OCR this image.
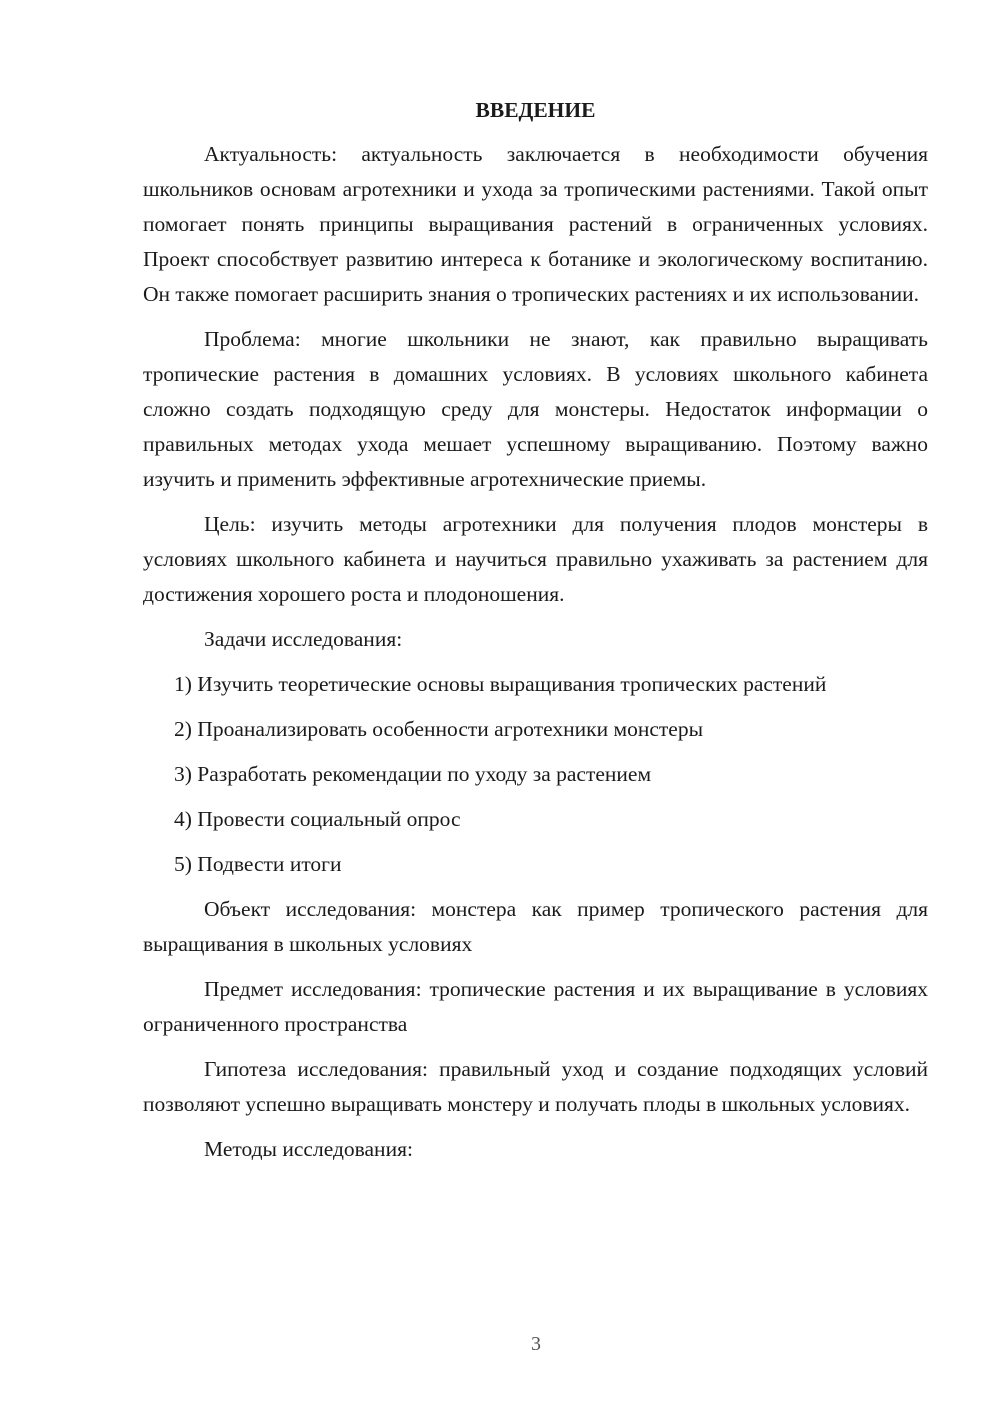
ВВЕДЕНИЕ

Актуальность: актуальность заключается в необходимости обучения школьников основам агротехники и ухода за тропическими растениями. Такой опыт помогает понять принципы выращивания растений в ограниченных условиях. Проект способствует развитию интереса к ботанике и экологическому воспитанию. Он также помогает расширить знания о тропических растениях и их использовании.

Проблема: многие школьники не знают, как правильно выращивать тропические растения в домашних условиях. В условиях школьного кабинета сложно создать подходящую среду для монстеры. Недостаток информации о правильных методах ухода мешает успешному выращиванию. Поэтому важно изучить и применить эффективные агротехнические приемы.

Цель: изучить методы агротехники для получения плодов монстеры в условиях школьного кабинета и научиться правильно ухаживать за растением для достижения хорошего роста и плодоношения.

Задачи исследования:

1) Изучить теоретические основы выращивания тропических растений
2) Проанализировать особенности агротехники монстеры
3) Разработать рекомендации по уходу за растением
4) Провести социальный опрос
5) Подвести итоги

Объект исследования: монстера как пример тропического растения для выращивания в школьных условиях

Предмет исследования: тропические растения и их выращивание в условиях ограниченного пространства

Гипотеза исследования: правильный уход и создание подходящих условий позволяют успешно выращивать монстеру и получать плоды в школьных условиях.

Методы исследования:

3
